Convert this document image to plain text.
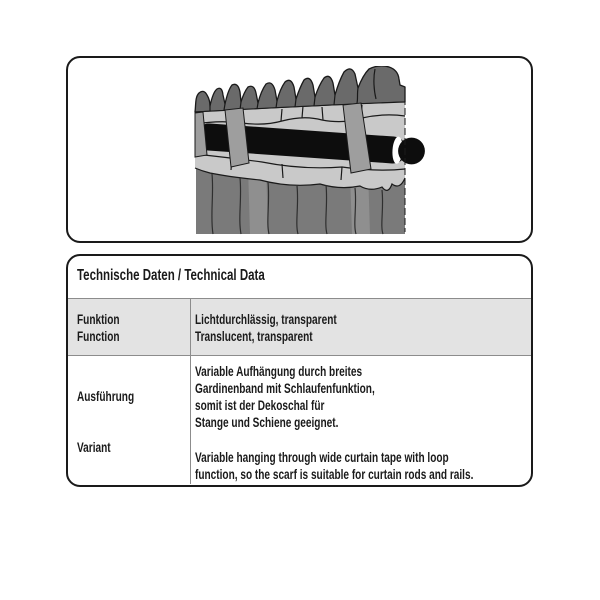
Technische Daten / Technical Data
Funktion
Function
Lichtdurchlässig, transparent
Translucent, transparent
Ausführung
Variant
Variable Aufhängung durch breites
Gardinenband mit Schlaufenfunktion,
somit ist der Dekoschal für
Stange und Schiene geeignet.
Variable hanging through wide curtain tape with loop
function, so the scarf is suitable for curtain rods and rails.
